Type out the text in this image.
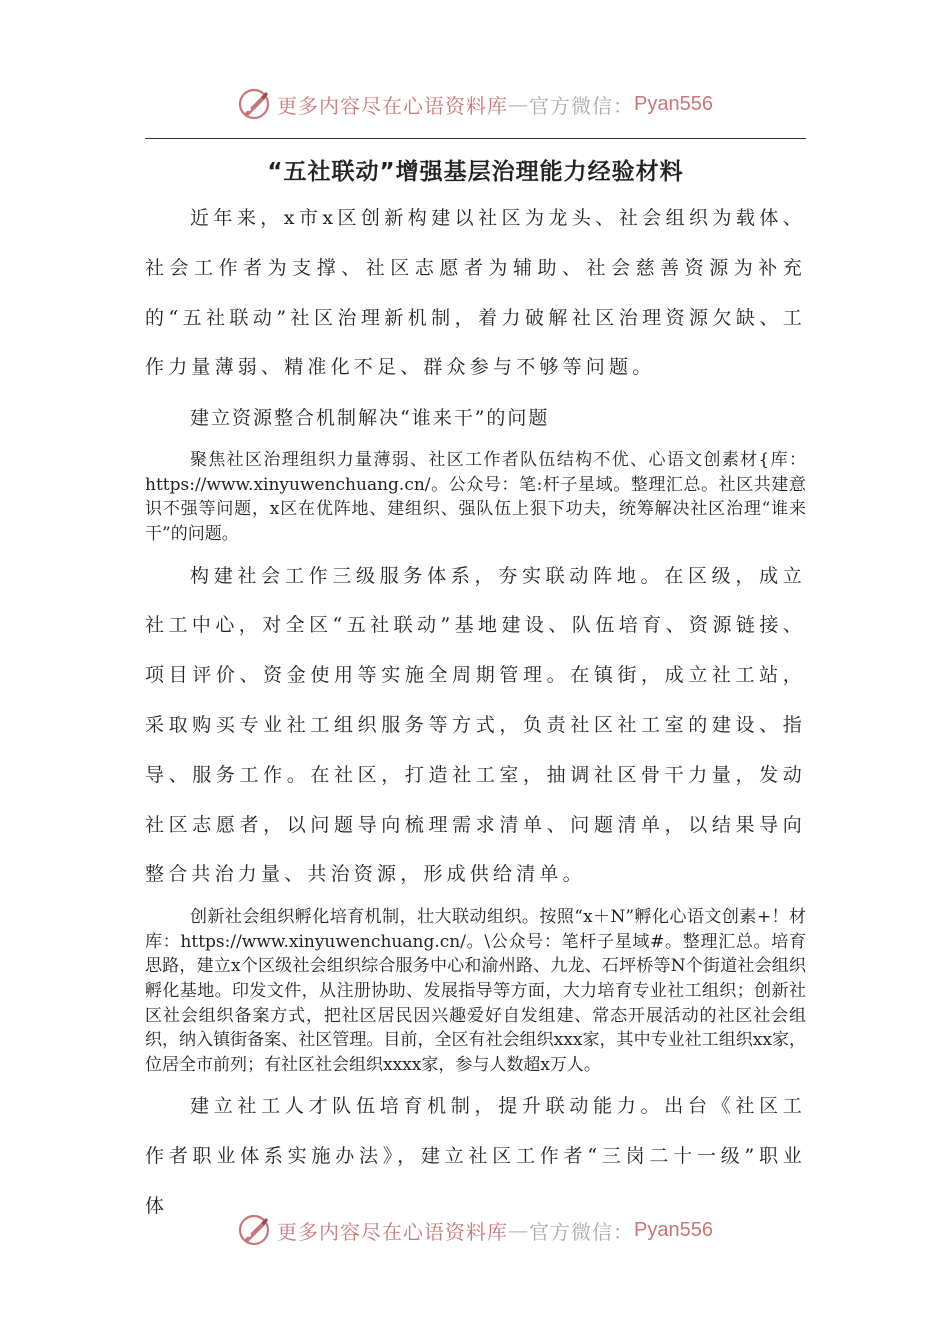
更多内容尽在心语资料库 — 官方微信： Pyan556
“五社联动”增强基层治理能力经验材料

近年来，x市x区创新构建以社区为龙头、社会组织为载体、社会工作者为支撑、社区志愿者为辅助、社会慈善资源为补充的“五社联动”社区治理新机制，着力破解社区治理资源欠缺、工作力量薄弱、精准化不足、群众参与不够等问题。

建立资源整合机制解决“谁来干”的问题

聚焦社区治理组织力量薄弱、社区工作者队伍结构不优、心语文创素材{库：https://www.xinyuwenchuang.cn/。公众号：笔:杆子星域。整理汇总。社区共建意识不强等问题，x区在优阵地、建组织、强队伍上狠下功夫，统筹解决社区治理“谁来干”的问题。

构建社会工作三级服务体系，夯实联动阵地。在区级，成立社工中心，对全区“五社联动”基地建设、队伍培育、资源链接、项目评价、资金使用等实施全周期管理。在镇街，成立社工站，采取购买专业社工组织服务等方式，负责社区社工室的建设、指导、服务工作。在社区，打造社工室，抽调社区骨干力量，发动社区志愿者，以问题导向梳理需求清单、问题清单，以结果导向整合共治力量、共治资源，形成供给清单。

创新社会组织孵化培育机制，壮大联动组织。按照“x＋N”孵化心语文创素+！材库：https://www.xinyuwenchuang.cn/。\公众号：笔杆子星域#。整理汇总。培育思路，建立x个区级社会组织综合服务中心和渝州路、九龙、石坪桥等N个街道社会组织孵化基地。印发文件，从注册协助、发展指导等方面，大力培育专业社工组织；创新社区社会组织备案方式，把社区居民因兴趣爱好自发组建、常态开展活动的社区社会组织，纳入镇街备案、社区管理。目前，全区有社会组织xxx家，其中专业社工组织xx家，位居全市前列；有社区社会组织xxxx家，参与人数超x万人。

建立社工人才队伍培育机制，提升联动能力。出台《社区工作者职业体系实施办法》，建立社区工作者“三岗二十一级”职业体

更多内容尽在心语资料库 — 官方微信： Pyan556
